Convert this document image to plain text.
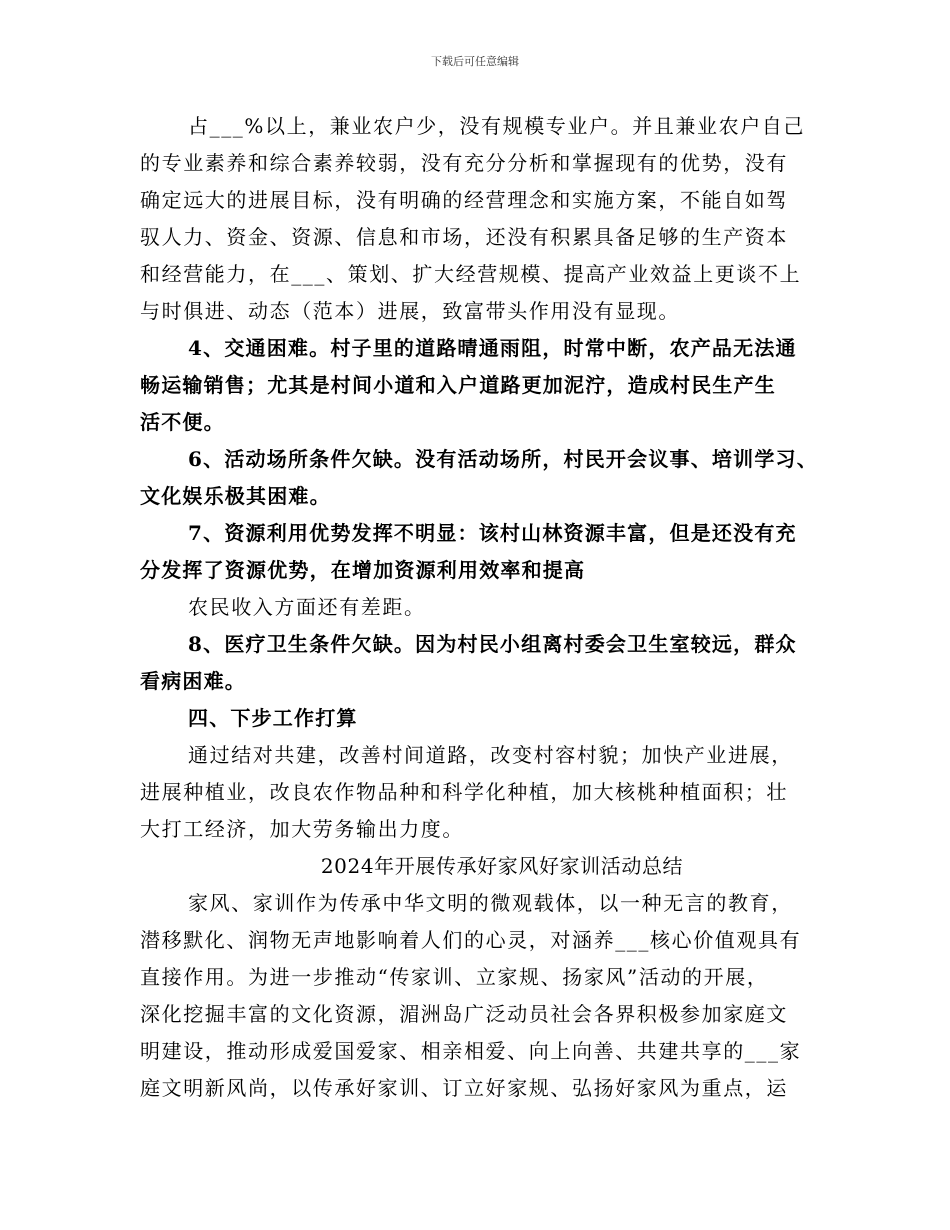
下载后可任意编辑
占___%以上，兼业农户少，没有规模专业户。并且兼业农户自己
的专业素养和综合素养较弱，没有充分分析和掌握现有的优势，没有
确定远大的进展目标，没有明确的经营理念和实施方案，不能自如驾
驭人力、资金、资源、信息和市场，还没有积累具备足够的生产资本
和经营能力，在___、策划、扩大经营规模、提高产业效益上更谈不上
与时俱进、动态（范本）进展，致富带头作用没有显现。
4、交通困难。村子里的道路晴通雨阻，时常中断，农产品无法通
畅运输销售；尤其是村间小道和入户道路更加泥泞，造成村民生产生
活不便。
6、活动场所条件欠缺。没有活动场所，村民开会议事、培训学习、
文化娱乐极其困难。
7、资源利用优势发挥不明显：该村山林资源丰富，但是还没有充
分发挥了资源优势，在增加资源利用效率和提高
农民收入方面还有差距。
8、医疗卫生条件欠缺。因为村民小组离村委会卫生室较远，群众
看病困难。
四、下步工作打算
通过结对共建，改善村间道路，改变村容村貌；加快产业进展，
进展种植业，改良农作物品种和科学化种植，加大核桃种植面积；壮
大打工经济，加大劳务输出力度。
2024年开展传承好家风好家训活动总结
家风、家训作为传承中华文明的微观载体，以一种无言的教育，
潜移默化、润物无声地影响着人们的心灵，对涵养___核心价值观具有
直接作用。为进一步推动“传家训、立家规、扬家风”活动的开展，
深化挖掘丰富的文化资源，湄洲岛广泛动员社会各界积极参加家庭文
明建设，推动形成爱国爱家、相亲相爱、向上向善、共建共享的___家
庭文明新风尚，以传承好家训、订立好家规、弘扬好家风为重点，运
